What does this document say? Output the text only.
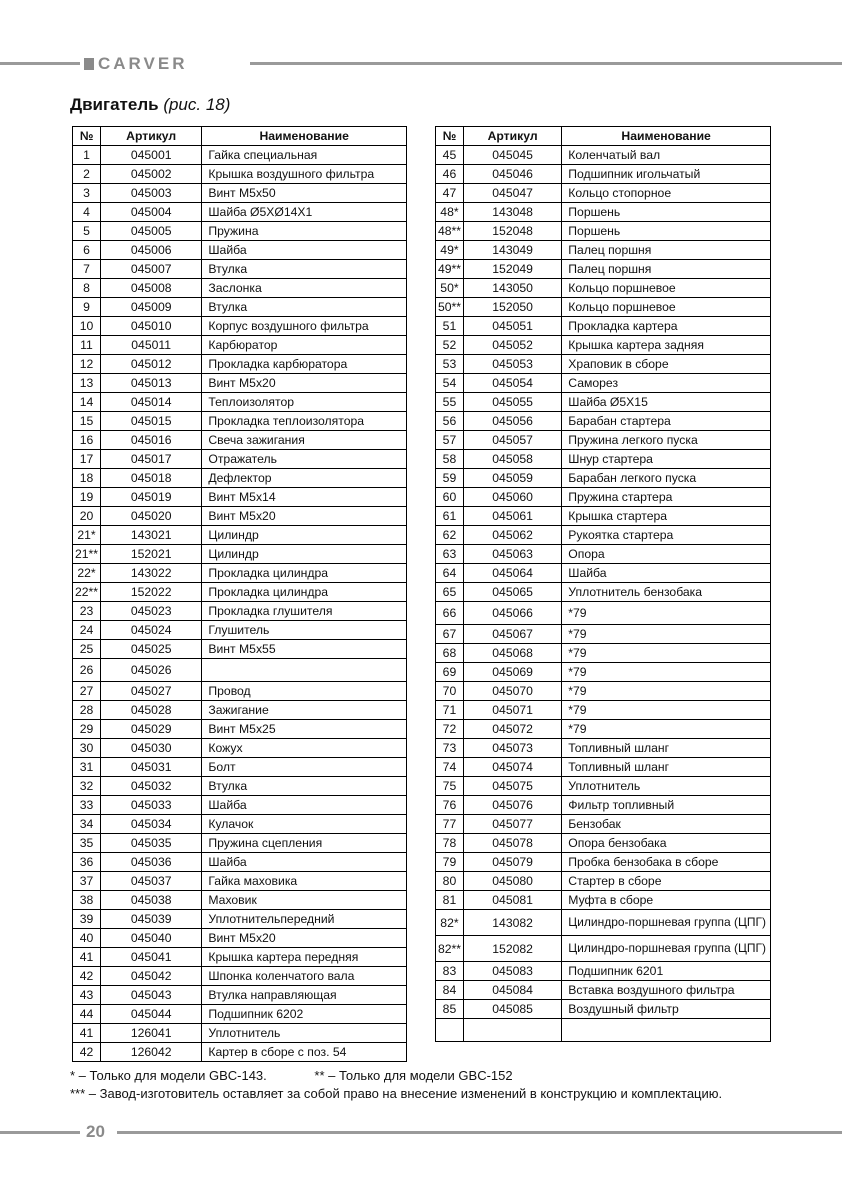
CARVER
Двигатель (рис. 18)
№	Артикул	Наименование
1	045001	Гайка специальная
2	045002	Крышка воздушного фильтра
3	045003	Винт M5x50
4	045004	Шайба Ø5XØ14X1
5	045005	Пружина
6	045006	Шайба
7	045007	Втулка
8	045008	Заслонка
9	045009	Втулка
10	045010	Корпус воздушного фильтра
11	045011	Карбюратор
12	045012	Прокладка карбюратора
13	045013	Винт M5x20
14	045014	Теплоизолятор
15	045015	Прокладка теплоизолятора
16	045016	Свеча зажигания
17	045017	Отражатель
18	045018	Дефлектор
19	045019	Винт M5x14
20	045020	Винт M5x20
21*	143021	Цилиндр
21**	152021	Цилиндр
22*	143022	Прокладка цилиндра
22**	152022	Прокладка цилиндра
23	045023	Прокладка глушителя
24	045024	Глушитель
25	045025	Винт M5x55
26	045026	
27	045027	Провод
28	045028	Зажигание
29	045029	Винт M5x25
30	045030	Кожух
31	045031	Болт
32	045032	Втулка
33	045033	Шайба
34	045034	Кулачок
35	045035	Пружина сцепления
36	045036	Шайба
37	045037	Гайка маховика
38	045038	Маховик
39	045039	Уплотнительпередний
40	045040	Винт M5x20
41	045041	Крышка картера передняя
42	045042	Шпонка коленчатого вала
43	045043	Втулка направляющая
44	045044	Подшипник 6202
41	126041	Уплотнитель
42	126042	Картер в сборе с поз. 54
№	Артикул	Наименование
45	045045	Коленчатый вал
46	045046	Подшипник игольчатый
47	045047	Кольцо стопорное
48*	143048	Поршень
48**	152048	Поршень
49*	143049	Палец поршня
49**	152049	Палец поршня
50*	143050	Кольцо поршневое
50**	152050	Кольцо поршневое
51	045051	Прокладка картера
52	045052	Крышка картера задняя
53	045053	Храповик в сборе
54	045054	Саморез
55	045055	Шайба Ø5X15
56	045056	Барабан стартера
57	045057	Пружина легкого пуска
58	045058	Шнур стартера
59	045059	Барабан легкого пуска
60	045060	Пружина стартера
61	045061	Крышка стартера
62	045062	Рукоятка стартера
63	045063	Опора
64	045064	Шайба
65	045065	Уплотнитель бензобака
66	045066	*79
67	045067	*79
68	045068	*79
69	045069	*79
70	045070	*79
71	045071	*79
72	045072	*79
73	045073	Топливный шланг
74	045074	Топливный шланг
75	045075	Уплотнитель
76	045076	Фильтр топливный
77	045077	Бензобак
78	045078	Опора бензобака
79	045079	Пробка бензобака в сборе
80	045080	Стартер в сборе
81	045081	Муфта в сборе
82*	143082	Цилиндро-поршневая группа (ЦПГ)

82**	152082	Цилиндро-поршневая группа (ЦПГ)

83	045083	Подшипник 6201
84	045084	Вставка воздушного фильтра
85	045085	Воздушный фильтр

* – Только для модели GBC-143.	** – Только для модели GBC-152
*** – Завод-изготовитель оставляет за собой право на внесение изменений в конструкцию и комплектацию.
20
